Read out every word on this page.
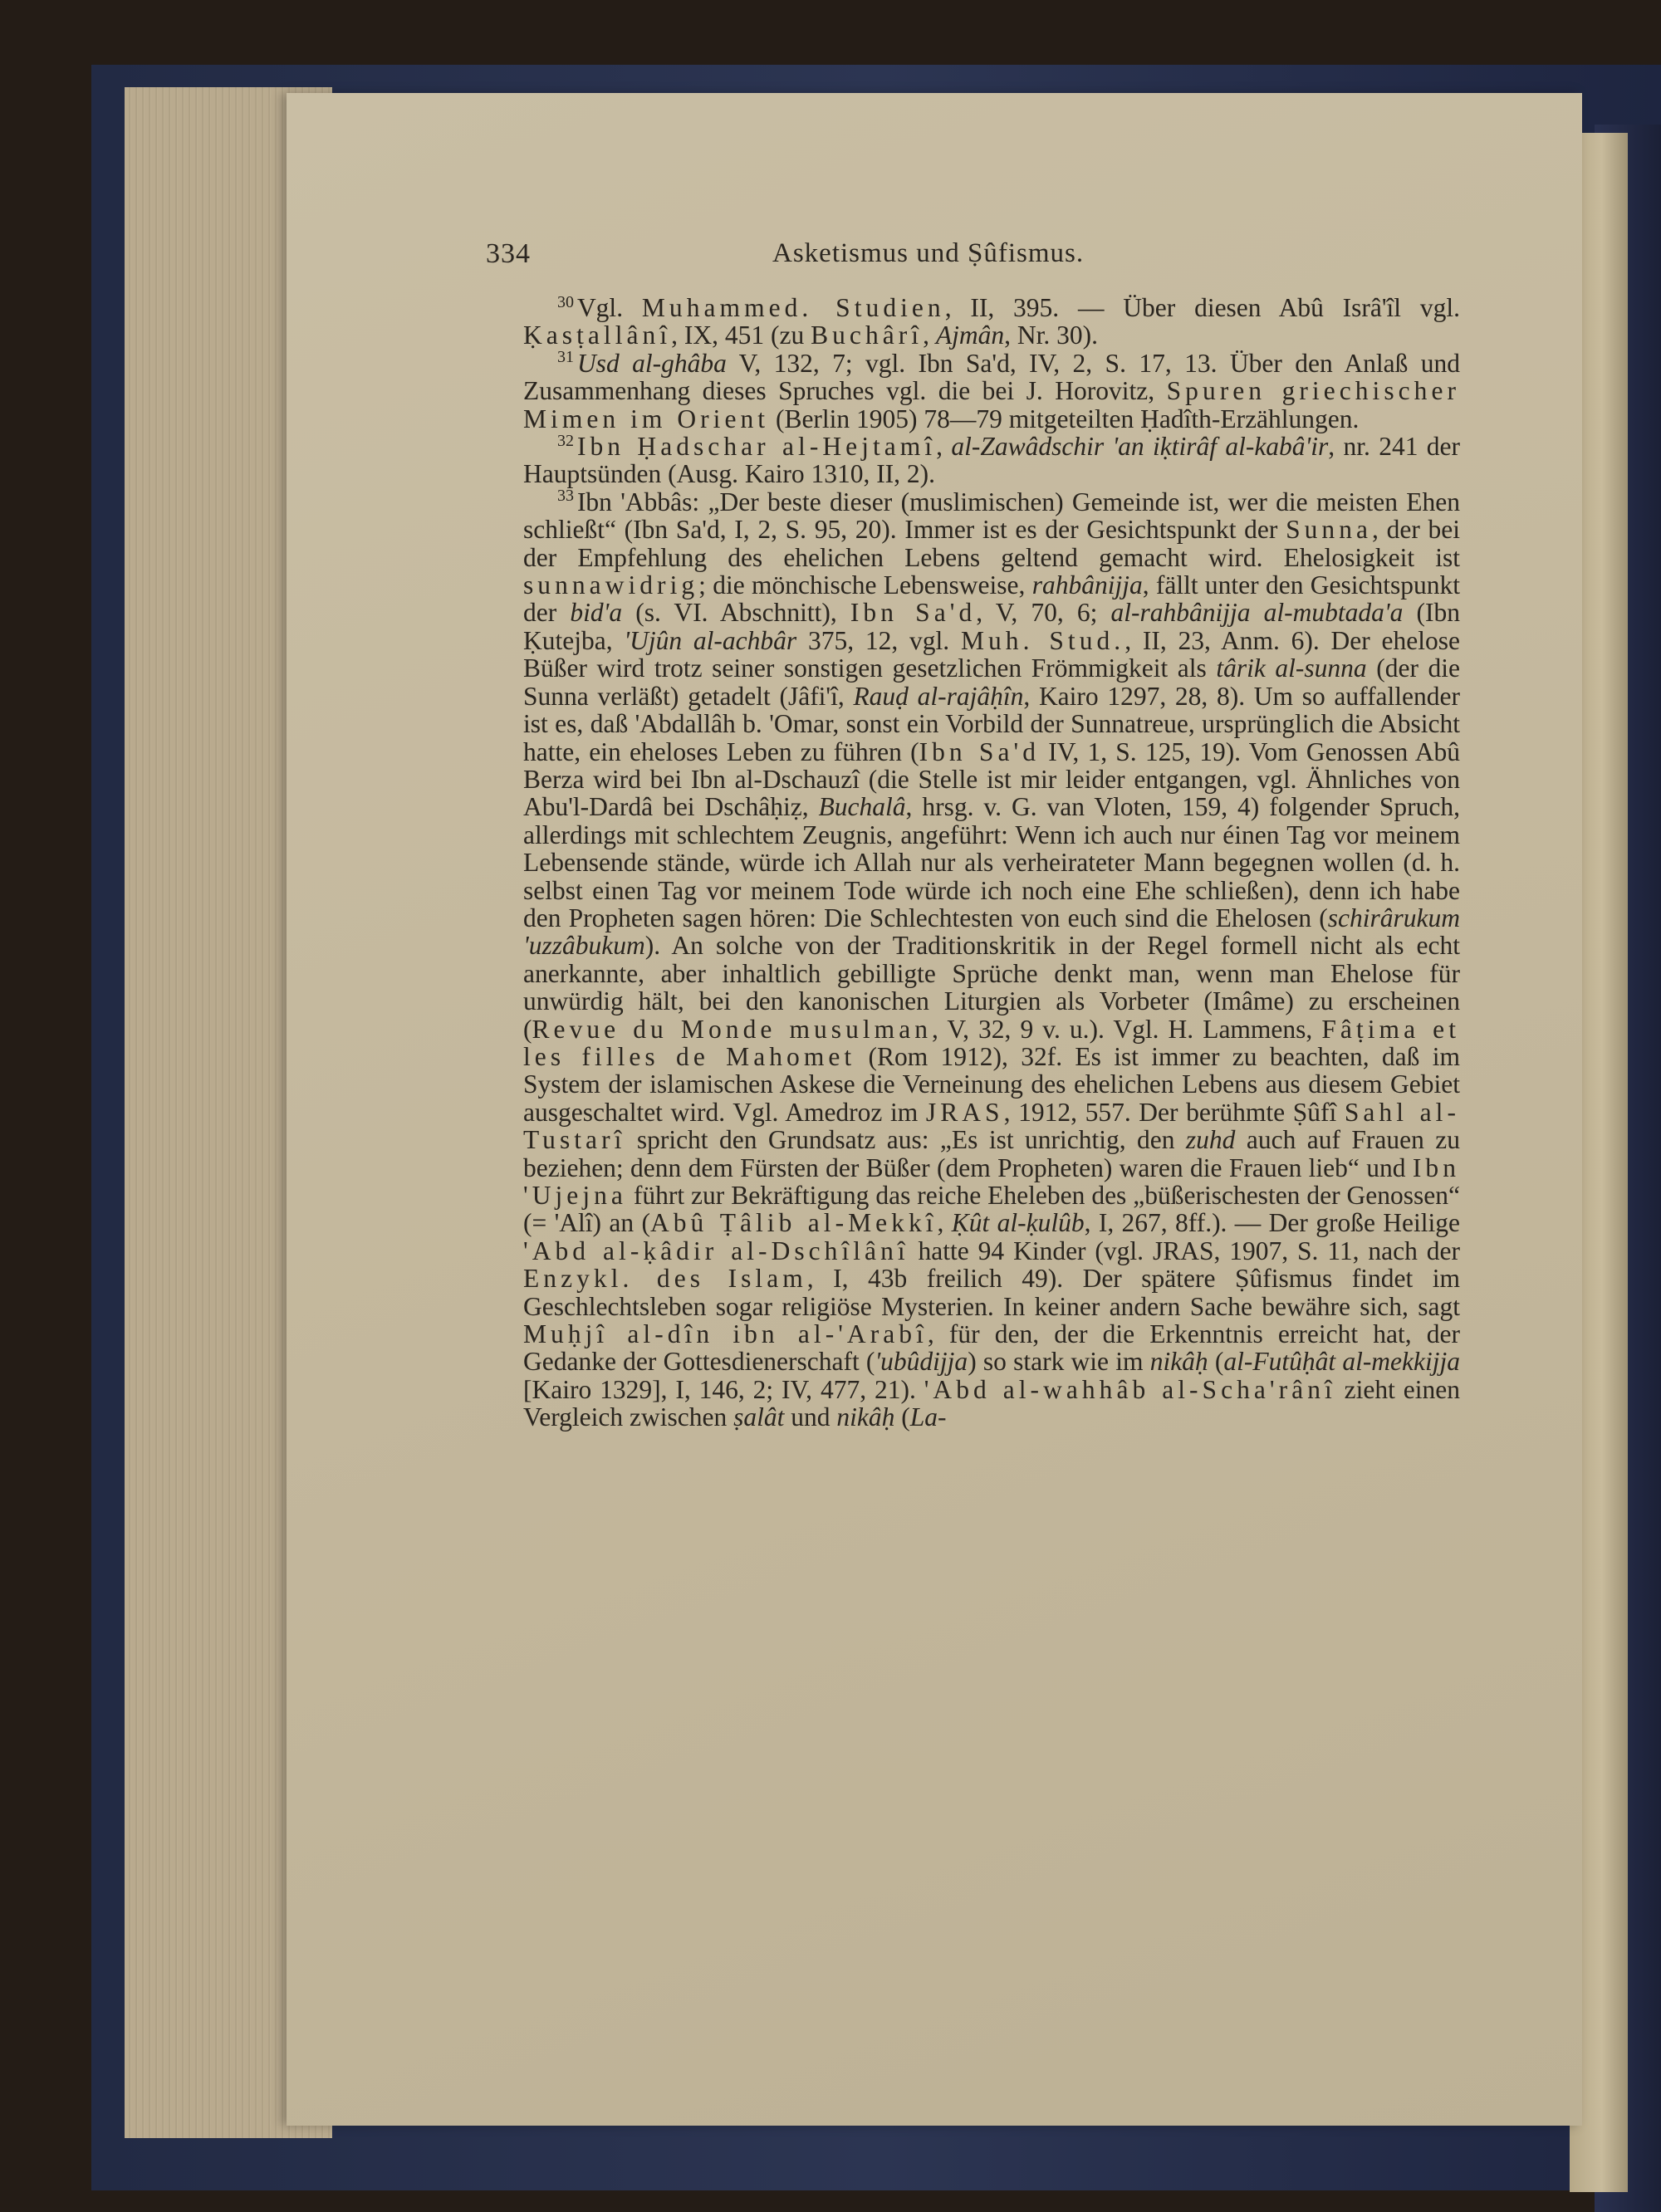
334	Asketismus und Ṣûfismus.

$^{30}$ Vgl. Muhammed. Studien, II, 395. — Über diesen Abû Isrâ'îl vgl. Ḳasṭallânî, IX, 451 (zu Buchârî, Ajmân, Nr. 30).

$^{31}$ Usd al-ghâba V, 132, 7; vgl. Ibn Sa'd, IV, 2, S. 17, 13. Über den Anlaß und Zusammenhang dieses Spruches vgl. die bei J. Horovitz, Spuren griechischer Mimen im Orient (Berlin 1905) 78—79 mitgeteilten Ḥadîth-Erzählungen.

$^{32}$ Ibn Ḥadschar al-Hejtamî, al-Zawâdschir 'an iḳtirâf al-kabâ'ir, nr. 241 der Hauptsünden (Ausg. Kairo 1310, II, 2).

$^{33}$ Ibn 'Abbâs: „Der beste dieser (muslimischen) Gemeinde ist, wer die meisten Ehen schließt“ (Ibn Sa'd, I, 2, S. 95, 20). Immer ist es der Gesichtspunkt der Sunna, der bei der Empfehlung des ehelichen Lebens geltend gemacht wird. Ehelosigkeit ist sunnawidrig; die mönchische Lebensweise, rahbânijja, fällt unter den Gesichtspunkt der bid'a (s. VI. Abschnitt), Ibn Sa'd, V, 70, 6; al-rahbânijja al-mubtada'a (Ibn Ḳutejba, 'Ujûn al-achbâr 375, 12, vgl. Muh. Stud., II, 23, Anm. 6). Der ehelose Büßer wird trotz seiner sonstigen gesetzlichen Frömmigkeit als târik al-sunna (der die Sunna verläßt) getadelt (Jâfi'î, Rauḍ al-rajâḥîn, Kairo 1297, 28, 8). Um so auffallender ist es, daß 'Abdallâh b. 'Omar, sonst ein Vorbild der Sunnatreue, ursprünglich die Absicht hatte, ein eheloses Leben zu führen (Ibn Sa'd IV, 1, S. 125, 19). Vom Genossen Abû Berza wird bei Ibn al-Dschauzî (die Stelle ist mir leider entgangen, vgl. Ähnliches von Abu'l-Dardâ bei Dschâḥiẓ, Buchalâ, hrsg. v. G. van Vloten, 159, 4) folgender Spruch, allerdings mit schlechtem Zeugnis, angeführt: Wenn ich auch nur éinen Tag vor meinem Lebensende stände, würde ich Allah nur als verheirateter Mann begegnen wollen (d. h. selbst einen Tag vor meinem Tode würde ich noch eine Ehe schließen), denn ich habe den Propheten sagen hören: Die Schlechtesten von euch sind die Ehelosen (schirârukum 'uzzâbukum). An solche von der Traditionskritik in der Regel formell nicht als echt anerkannte, aber inhaltlich gebilligte Sprüche denkt man, wenn man Ehelose für unwürdig hält, bei den kanonischen Liturgien als Vorbeter (Imâme) zu erscheinen (Revue du Monde musulman, V, 32, 9 v. u.). Vgl. H. Lammens, Fâṭima et les filles de Mahomet (Rom 1912), 32f. Es ist immer zu beachten, daß im System der islamischen Askese die Verneinung des ehelichen Lebens aus diesem Gebiet ausgeschaltet wird. Vgl. Amedroz im JRAS, 1912, 557. Der berühmte Ṣûfî Sahl al-Tustarî spricht den Grundsatz aus: „Es ist unrichtig, den zuhd auch auf Frauen zu beziehen; denn dem Fürsten der Büßer (dem Propheten) waren die Frauen lieb“ und Ibn 'Ujejna führt zur Bekräftigung das reiche Eheleben des „büßerischesten der Genossen“ (= 'Alî) an (Abû Ṭâlib al-Mekkî, Ḳût al-ḳulûb, I, 267, 8ff.). — Der große Heilige 'Abd al-ḳâdir al-Dschîlânî hatte 94 Kinder (vgl. JRAS, 1907, S. 11, nach der Enzykl. des Islam, I, 43b freilich 49). Der spätere Ṣûfismus findet im Geschlechtsleben sogar religiöse Mysterien. In keiner andern Sache bewähre sich, sagt Muḥjî al-dîn ibn al-'Arabî, für den, der die Erkenntnis erreicht hat, der Gedanke der Gottesdienerschaft ('ubûdijja) so stark wie im nikâḥ (al-Futûḥât al-mekkijja [Kairo 1329], I, 146, 2; IV, 477, 21). 'Abd al-wahhâb al-Scha'rânî zieht einen Vergleich zwischen ṣalât und nikâḥ (La-
